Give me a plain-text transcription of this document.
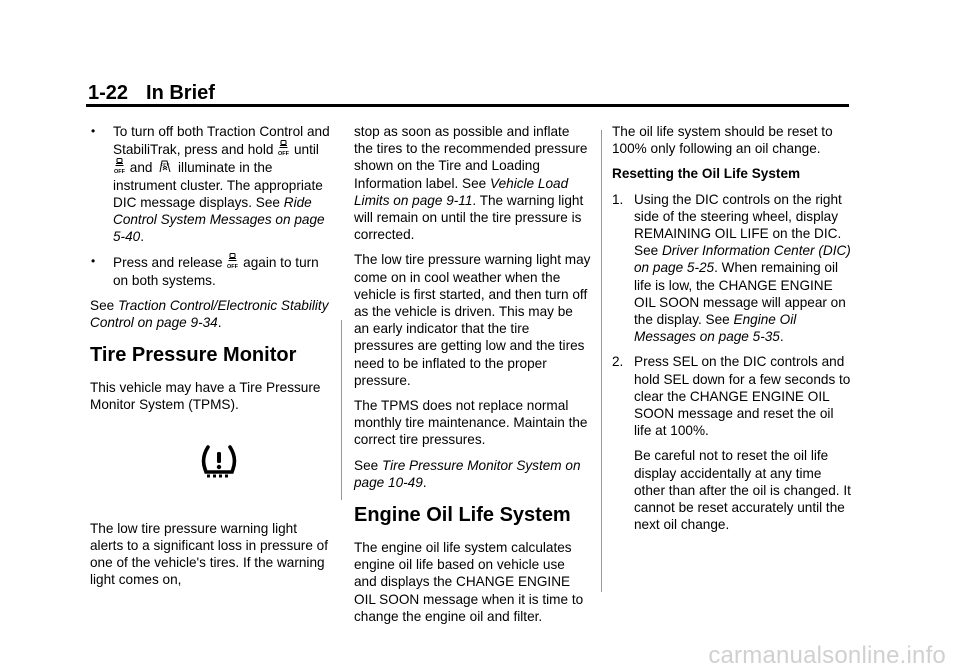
1-22 In Brief
• To turn off both Traction Control and StabiliTrak, press and hold OFF until
OFF and OFF illuminate in the instrument cluster. The appropriate DIC message displays. See Ride Control System Messages on page 5-40.
• Press and release OFF again to turn on both systems.

See Traction Control/Electronic Stability Control on page 9-34.

Tire Pressure Monitor

This vehicle may have a Tire Pressure Monitor System (TPMS).

The low tire pressure warning light alerts to a significant loss in pressure of one of the vehicle's tires. If the warning light comes on,

stop as soon as possible and inflate the tires to the recommended pressure shown on the Tire and Loading Information label. See Vehicle Load Limits on page 9-11. The warning light will remain on until the tire pressure is corrected.

The low tire pressure warning light may come on in cool weather when the vehicle is first started, and then turn off as the vehicle is driven. This may be an early indicator that the tire pressures are getting low and the tires need to be inflated to the proper pressure.

The TPMS does not replace normal monthly tire maintenance. Maintain the correct tire pressures.

See Tire Pressure Monitor System on page 10-49.

Engine Oil Life System

The engine oil life system calculates engine oil life based on vehicle use and displays the CHANGE ENGINE OIL SOON message when it is time to change the engine oil and filter.

The oil life system should be reset to 100% only following an oil change.

Resetting the Oil Life System

1. Using the DIC controls on the right side of the steering wheel, display REMAINING OIL LIFE on the DIC. See Driver Information Center (DIC) on page 5-25. When remaining oil life is low, the CHANGE ENGINE OIL SOON message will appear on the display. See Engine Oil Messages on page 5-35.
2. Press SEL on the DIC controls and hold SEL down for a few seconds to clear the CHANGE ENGINE OIL SOON message and reset the oil life at 100%.
Be careful not to reset the oil life display accidentally at any time other than after the oil is changed. It cannot be reset accurately until the next oil change.
carmanualsonline.info
